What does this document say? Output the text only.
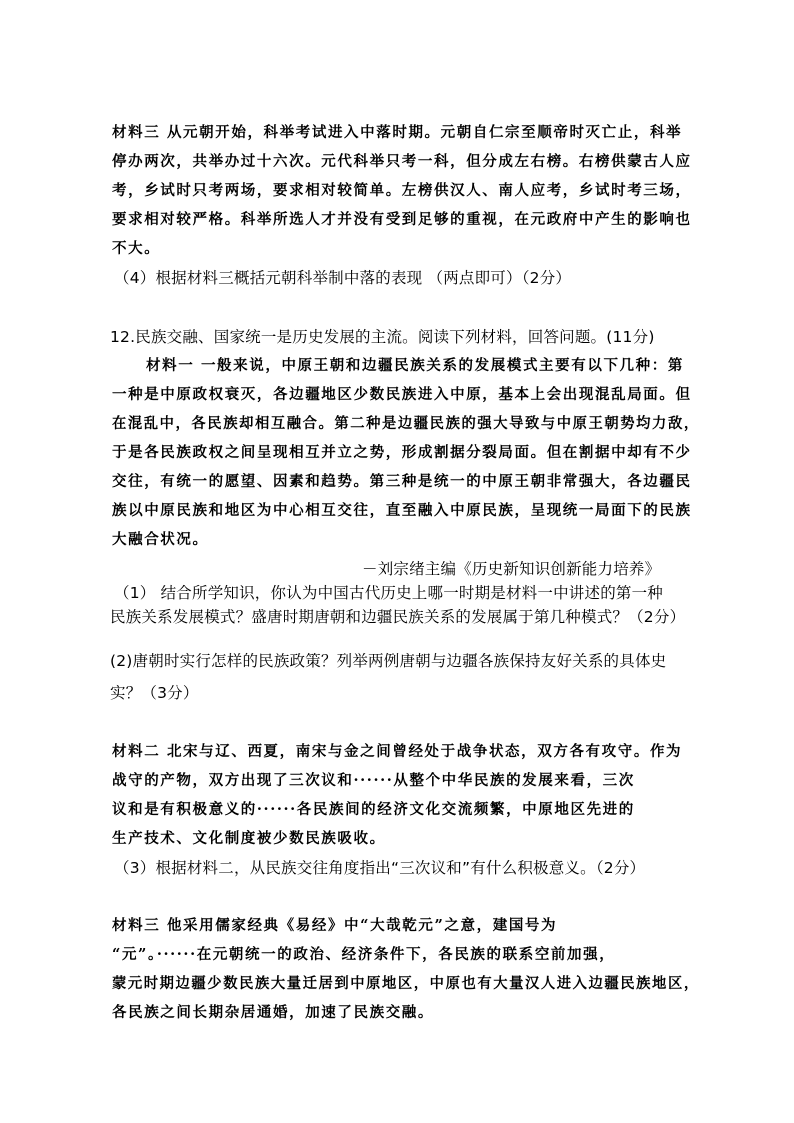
材料三 从元朝开始，科举考试进入中落时期。元朝自仁宗至顺帝时灭亡止，科举
停办两次，共举办过十六次。元代科举只考一科，但分成左右榜。右榜供蒙古人应
考，乡试时只考两场，要求相对较简单。左榜供汉人、南人应考，乡试时考三场，
要求相对较严格。科举所选人才并没有受到足够的重视，在元政府中产生的影响也
不大。
（4）根据材料三概括元朝科举制中落的表现 （两点即可）（2分）
12.民族交融、国家统一是历史发展的主流。阅读下列材料，回答问题。(11分)
材料一 一般来说，中原王朝和边疆民族关系的发展模式主要有以下几种：第
一种是中原政权衰灭，各边疆地区少数民族进入中原，基本上会出现混乱局面。但
在混乱中，各民族却相互融合。第二种是边疆民族的强大导致与中原王朝势均力敌，
于是各民族政权之间呈现相互并立之势，形成割据分裂局面。但在割据中却有不少
交往，有统一的愿望、因素和趋势。第三种是统一的中原王朝非常强大，各边疆民
族以中原民族和地区为中心相互交往，直至融入中原民族，呈现统一局面下的民族
大融合状况。
－刘宗绪主编《历史新知识创新能力培养》
（1） 结合所学知识，你认为中国古代历史上哪一时期是材料一中讲述的第一种
民族关系发展模式？盛唐时期唐朝和边疆民族关系的发展属于第几种模式？（2分）
(2)唐朝时实行怎样的民族政策？列举两例唐朝与边疆各族保持友好关系的具体史
实？（3分）
材料二 北宋与辽、西夏，南宋与金之间曾经处于战争状态，双方各有攻守。作为
战守的产物，双方出现了三次议和······从整个中华民族的发展来看，三次
议和是有积极意义的······各民族间的经济文化交流频繁，中原地区先进的
生产技术、文化制度被少数民族吸收。
（3）根据材料二，从民族交往角度指出“三次议和”有什么积极意义。（2分）
材料三 他采用儒家经典《易经》中“大哉乾元”之意，建国号为
“元”。······在元朝统一的政治、经济条件下，各民族的联系空前加强，
蒙元时期边疆少数民族大量迁居到中原地区，中原也有大量汉人进入边疆民族地区，
各民族之间长期杂居通婚，加速了民族交融。
